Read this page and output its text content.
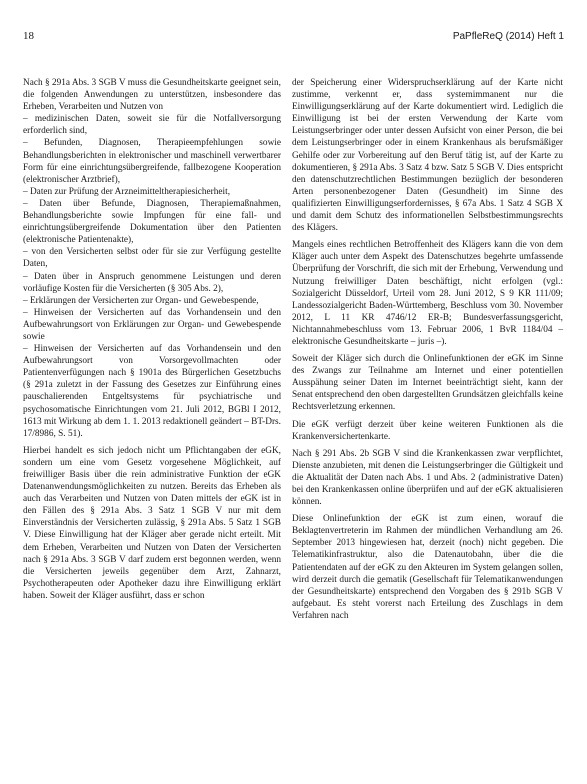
18	PaPfleReQ (2014) Heft 1

Nach § 291a Abs. 3 SGB V muss die Gesundheitskarte geeignet sein, die folgenden Anwendungen zu unterstützen, insbesondere das Erheben, Verarbeiten und Nutzen von

– medizinischen Daten, soweit sie für die Notfallversorgung erforderlich sind,

– Befunden, Diagnosen, Therapieempfehlungen sowie Behandlungsberichten in elektronischer und maschinell verwertbarer Form für eine einrichtungsübergreifende, fallbezogene Kooperation (elektronischer Arztbrief),

– Daten zur Prüfung der Arzneimitteltherapiesicherheit,

– Daten über Befunde, Diagnosen, Therapiemaßnahmen, Behandlungsberichte sowie Impfungen für eine fall- und einrichtungsübergreifende Dokumentation über den Patienten (elektronische Patientenakte),

– von den Versicherten selbst oder für sie zur Verfügung gestellte Daten,

– Daten über in Anspruch genommene Leistungen und deren vorläufige Kosten für die Versicherten (§ 305 Abs. 2),

– Erklärungen der Versicherten zur Organ- und Gewebespende,

– Hinweisen der Versicherten auf das Vorhandensein und den Aufbewahrungsort von Erklärungen zur Organ- und Gewebespende sowie

– Hinweisen der Versicherten auf das Vorhandensein und den Aufbewahrungsort von Vorsorgevollmachten oder Patientenverfügungen nach § 1901a des Bürgerlichen Gesetzbuchs (§ 291a zuletzt in der Fassung des Gesetzes zur Einführung eines pauschalierenden Entgeltsystems für psychiatrische und psychosomatische Einrichtungen vom 21. Juli 2012, BGBl I 2012, 1613 mit Wirkung ab dem 1. 1. 2013 redaktionell geändert – BT-Drs. 17/8986, S. 51).

Hierbei handelt es sich jedoch nicht um Pflichtangaben der eGK, sondern um eine vom Gesetz vorgesehene Möglichkeit, auf freiwilliger Basis über die rein administrative Funktion der eGK Datenanwendungsmöglichkeiten zu nutzen. Bereits das Erheben als auch das Verarbeiten und Nutzen von Daten mittels der eGK ist in den Fällen des § 291a Abs. 3 Satz 1 SGB V nur mit dem Einverständnis der Versicherten zulässig, § 291a Abs. 5 Satz 1 SGB V. Diese Einwilligung hat der Kläger aber gerade nicht erteilt. Mit dem Erheben, Verarbeiten und Nutzen von Daten der Versicherten nach § 291a Abs. 3 SGB V darf zudem erst begonnen werden, wenn die Versicherten jeweils gegenüber dem Arzt, Zahnarzt, Psychotherapeuten oder Apotheker dazu ihre Einwilligung erklärt haben. Soweit der Kläger ausführt, dass er schon

der Speicherung einer Widerspruchserklärung auf der Karte nicht zustimme, verkennt er, dass systemimmanent nur die Einwilligungserklärung auf der Karte dokumentiert wird. Lediglich die Einwilligung ist bei der ersten Verwendung der Karte vom Leistungserbringer oder unter dessen Aufsicht von einer Person, die bei dem Leistungserbringer oder in einem Krankenhaus als berufsmäßiger Gehilfe oder zur Vorbereitung auf den Beruf tätig ist, auf der Karte zu dokumentieren, § 291a Abs. 3 Satz 4 bzw. Satz 5 SGB V. Dies entspricht den datenschutzrechtlichen Bestimmungen bezüglich der besonderen Arten personenbezogener Daten (Gesundheit) im Sinne des qualifizierten Einwilligungserfordernisses, § 67a Abs. 1 Satz 4 SGB X und damit dem Schutz des informationellen Selbstbestimmungsrechts des Klägers.

Mangels eines rechtlichen Betroffenheit des Klägers kann die von dem Kläger auch unter dem Aspekt des Datenschutzes begehrte umfassende Überprüfung der Vorschrift, die sich mit der Erhebung, Verwendung und Nutzung freiwilliger Daten beschäftigt, nicht erfolgen (vgl.: Sozialgericht Düsseldorf, Urteil vom 28. Juni 2012, S 9 KR 111/09; Landessozialgericht Baden-Württemberg, Beschluss vom 30. November 2012, L 11 KR 4746/12 ER-B; Bundesverfassungsgericht, Nichtannahmebeschluss vom 13. Februar 2006, 1 BvR 1184/04 – elektronische Gesundheitskarte – juris –).

Soweit der Kläger sich durch die Onlinefunktionen der eGK im Sinne des Zwangs zur Teilnahme am Internet und einer potentiellen Ausspähung seiner Daten im Internet beeinträchtigt sieht, kann der Senat entsprechend den oben dargestellten Grundsätzen gleichfalls keine Rechtsverletzung erkennen.

Die eGK verfügt derzeit über keine weiteren Funktionen als die Krankenversichertenkarte.

Nach § 291 Abs. 2b SGB V sind die Krankenkassen zwar verpflichtet, Dienste anzubieten, mit denen die Leistungserbringer die Gültigkeit und die Aktualität der Daten nach Abs. 1 und Abs. 2 (administrative Daten) bei den Krankenkassen online überprüfen und auf der eGK aktualisieren können.

Diese Onlinefunktion der eGK ist zum einen, worauf die Beklagtenvertreterin im Rahmen der mündlichen Verhandlung am 26. September 2013 hingewiesen hat, derzeit (noch) nicht gegeben. Die Telematikinfrastruktur, also die Datenautobahn, über die die Patientendaten auf der eGK zu den Akteuren im System gelangen sollen, wird derzeit durch die gematik (Gesellschaft für Telematikanwendungen der Gesundheitskarte) entsprechend den Vorgaben des § 291b SGB V aufgebaut. Es steht vorerst nach Erteilung des Zuschlags in dem Verfahren nach
